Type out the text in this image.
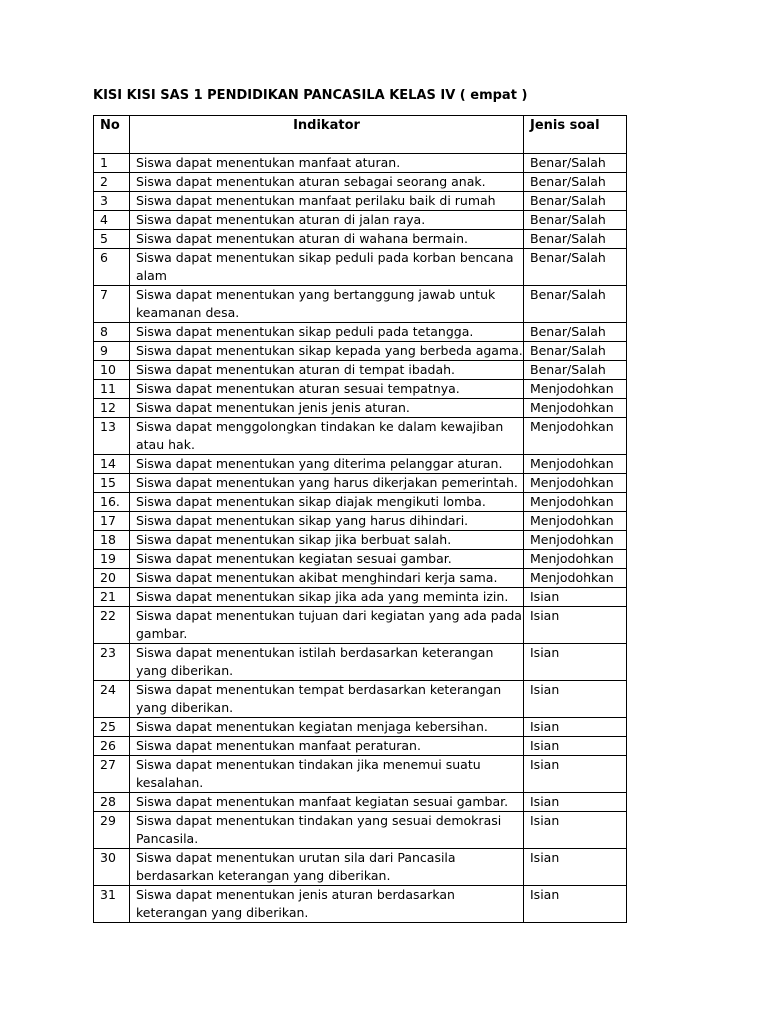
KISI KISI SAS 1 PENDIDIKAN PANCASILA KELAS IV ( empat )
No	Indikator	Jenis soal
1	Siswa dapat menentukan manfaat aturan.	Benar/Salah
2	Siswa dapat menentukan aturan sebagai seorang anak.	Benar/Salah
3	Siswa dapat menentukan manfaat perilaku baik di rumah	Benar/Salah
4	Siswa dapat menentukan aturan di jalan raya.	Benar/Salah
5	Siswa dapat menentukan aturan di wahana bermain.	Benar/Salah
6	Siswa dapat menentukan sikap peduli pada korban bencana alam	Benar/Salah
7	Siswa dapat menentukan yang bertanggung jawab untuk keamanan desa.	Benar/Salah
8	Siswa dapat menentukan sikap peduli pada tetangga.	Benar/Salah
9	Siswa dapat menentukan sikap kepada yang berbeda agama.	Benar/Salah
10	Siswa dapat menentukan aturan di tempat ibadah.	Benar/Salah
11	Siswa dapat menentukan aturan sesuai tempatnya.	Menjodohkan
12	Siswa dapat menentukan jenis jenis aturan.	Menjodohkan
13	Siswa dapat menggolongkan tindakan ke dalam kewajiban atau hak.	Menjodohkan
14	Siswa dapat menentukan yang diterima pelanggar aturan.	Menjodohkan
15	Siswa dapat menentukan yang harus dikerjakan pemerintah.	Menjodohkan
16.	Siswa dapat menentukan sikap diajak mengikuti lomba.	Menjodohkan
17	Siswa dapat menentukan sikap yang harus dihindari.	Menjodohkan
18	Siswa dapat menentukan sikap jika berbuat salah.	Menjodohkan
19	Siswa dapat menentukan kegiatan sesuai gambar.	Menjodohkan
20	Siswa dapat menentukan akibat menghindari kerja sama.	Menjodohkan
21	Siswa dapat menentukan sikap jika ada yang meminta izin.	Isian
22	Siswa dapat menentukan tujuan dari kegiatan yang ada pada gambar.	Isian
23	Siswa dapat menentukan istilah berdasarkan keterangan yang diberikan.	Isian
24	Siswa dapat menentukan tempat berdasarkan keterangan yang diberikan.	Isian
25	Siswa dapat menentukan kegiatan menjaga kebersihan.	Isian
26	Siswa dapat menentukan manfaat peraturan.	Isian
27	Siswa dapat menentukan tindakan jika menemui suatu kesalahan.	Isian
28	Siswa dapat menentukan manfaat kegiatan sesuai gambar.	Isian
29	Siswa dapat menentukan tindakan yang sesuai demokrasi Pancasila.	Isian
30	Siswa dapat menentukan urutan sila dari Pancasila berdasarkan keterangan yang diberikan.	Isian
31	Siswa dapat menentukan jenis aturan berdasarkan keterangan yang diberikan.	Isian
